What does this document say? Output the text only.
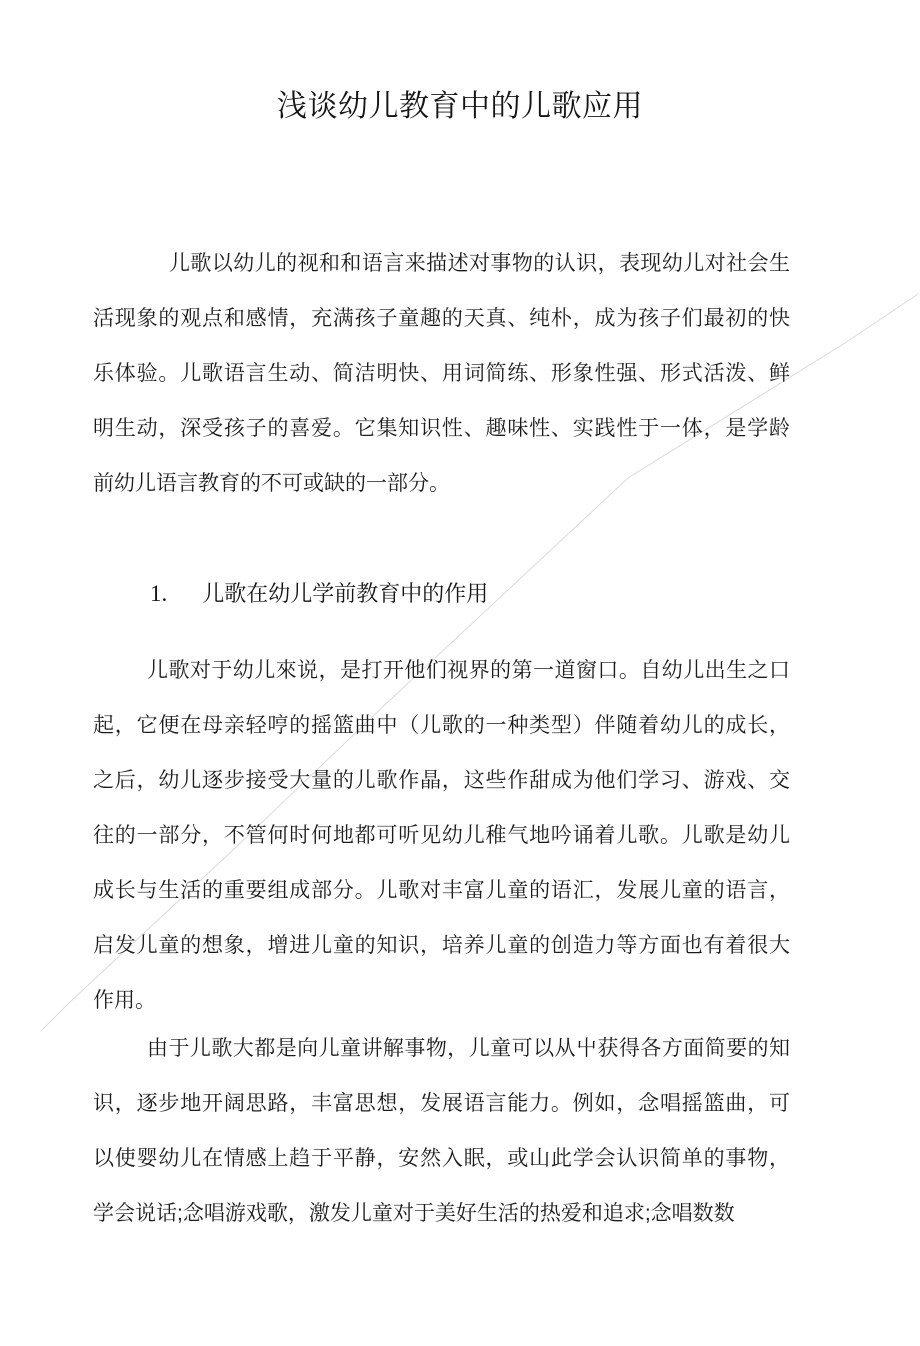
浅谈幼儿教育中的儿歌应用
儿歌以幼儿的视和和语言来描述对事物的认识，表现幼儿对社会生
活现象的观点和感情，充满孩子童趣的天真、纯朴，成为孩子们最初的快
乐体验。儿歌语言生动、简洁明快、用词简练、形象性强、形式活泼、鲜
明生动，深受孩子的喜爱。它集知识性、趣味性、实践性于一体，是学龄
前幼儿语言教育的不可或缺的一部分。
1. 儿歌在幼儿学前教育中的作用
儿歌对于幼儿來说，是打开他们视界的第一道窗口。自幼儿出生之口
起，它便在母亲轻哼的摇篮曲中（儿歌的一种类型）伴随着幼儿的成长，
之后，幼儿逐步接受大量的儿歌作晶，这些作甜成为他们学习、游戏、交
往的一部分，不管何时何地都可听见幼儿稚气地吟诵着儿歌。儿歌是幼儿
成长与生活的重要组成部分。儿歌对丰富儿童的语汇，发展儿童的语言，
启发儿童的想象，增进儿童的知识，培养儿童的创造力等方面也有着很大
作用。
由于儿歌大都是向儿童讲解事物，儿童可以从屮获得各方面简要的知
识，逐步地开阔思路，丰富思想，发展语言能力。例如，念唱摇篮曲，可
以使婴幼儿在情感上趋于平静，安然入眠，或山此学会认识简单的事物，
学会说话;念唱游戏歌，激发儿童对于美好生活的热爱和追求;念唱数数
